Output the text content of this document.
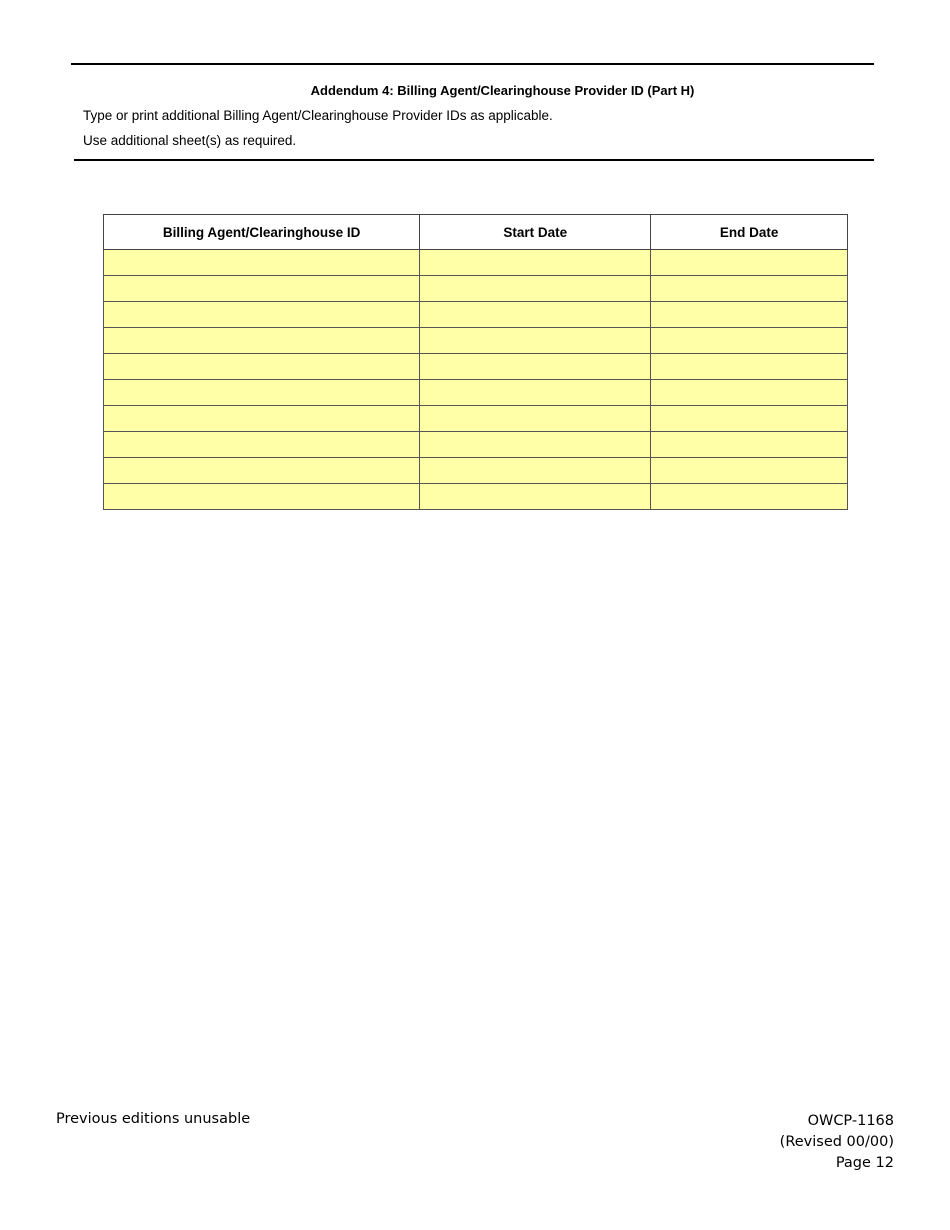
Addendum 4: Billing Agent/Clearinghouse Provider ID (Part H)

Type or print additional Billing Agent/Clearinghouse Provider IDs as applicable.

Use additional sheet(s) as required.

Billing Agent/Clearinghouse ID	Start Date	End Date

Previous editions unusable	OWCP-1168
(Revised 00/00)
Page 12
